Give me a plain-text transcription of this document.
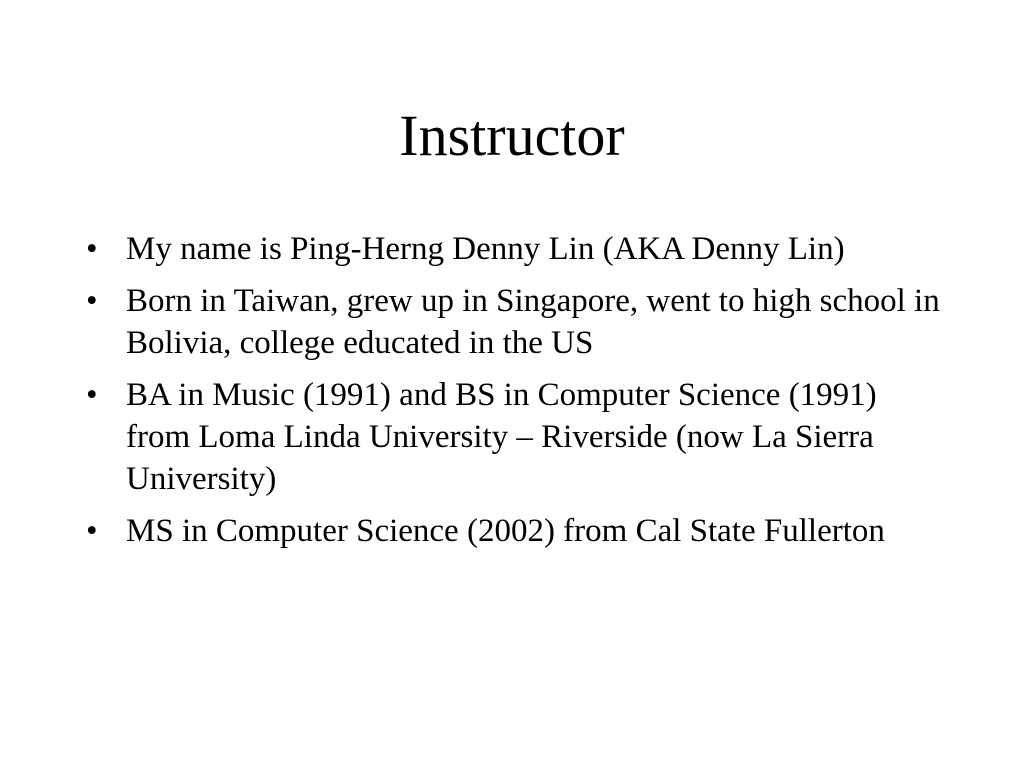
Instructor
• My name is Ping-Herng Denny Lin (AKA Denny Lin)
• Born in Taiwan, grew up in Singapore, went to high school in Bolivia, college educated in the US
• BA in Music (1991) and BS in Computer Science (1991) from Loma Linda University – Riverside (now La Sierra University)
• MS in Computer Science (2002) from Cal State Fullerton
